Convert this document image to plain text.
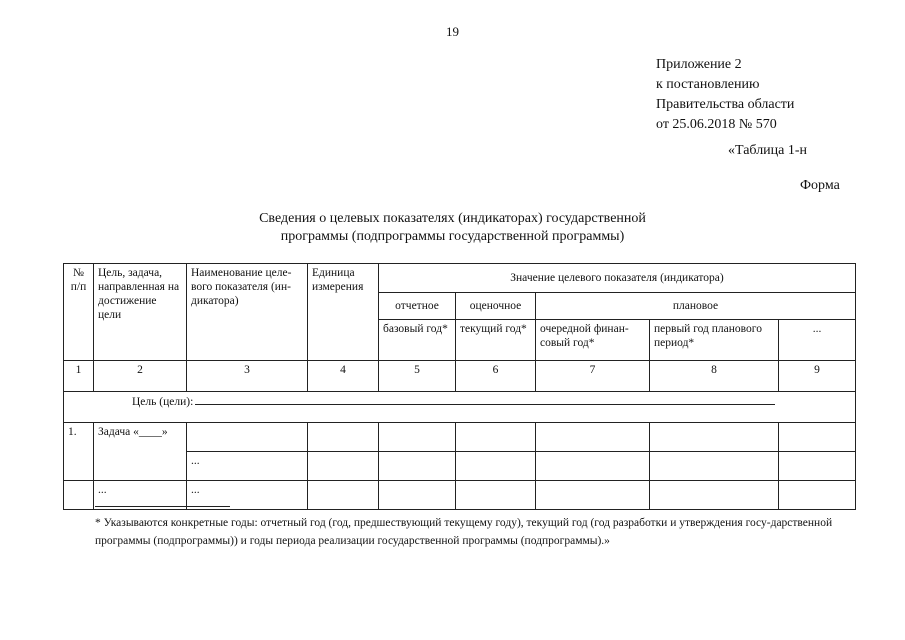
19
Приложение 2
к постановлению
Правительства области
от 25.06.2018 № 570
«Таблица 1-н
Форма
Сведения о целевых показателях (индикаторах) государственной
программы (подпрограммы государственной программы)
№ п/п	Цель, задача, направленная на достижение цели	Наименование целе-вого показателя (ин-дикатора)	Единица измерения	Значение целевого показателя (индикатора)				
				отчетное	оценочное	плановое		
				базовый год*	текущий год*	очередной финан-совый год*	первый год планового период*	...
1	2	3	4	5	6	7	8	9
Цель (цели):								
1.	Задача «____»							
		...						
	...	...						
* Указываются конкретные годы: отчетный год (год, предшествующий текущему году), текущий год (год разработки и утверждения госу-дарственной программы (подпрограммы)) и годы периода реализации государственной программы (подпрограммы).»
